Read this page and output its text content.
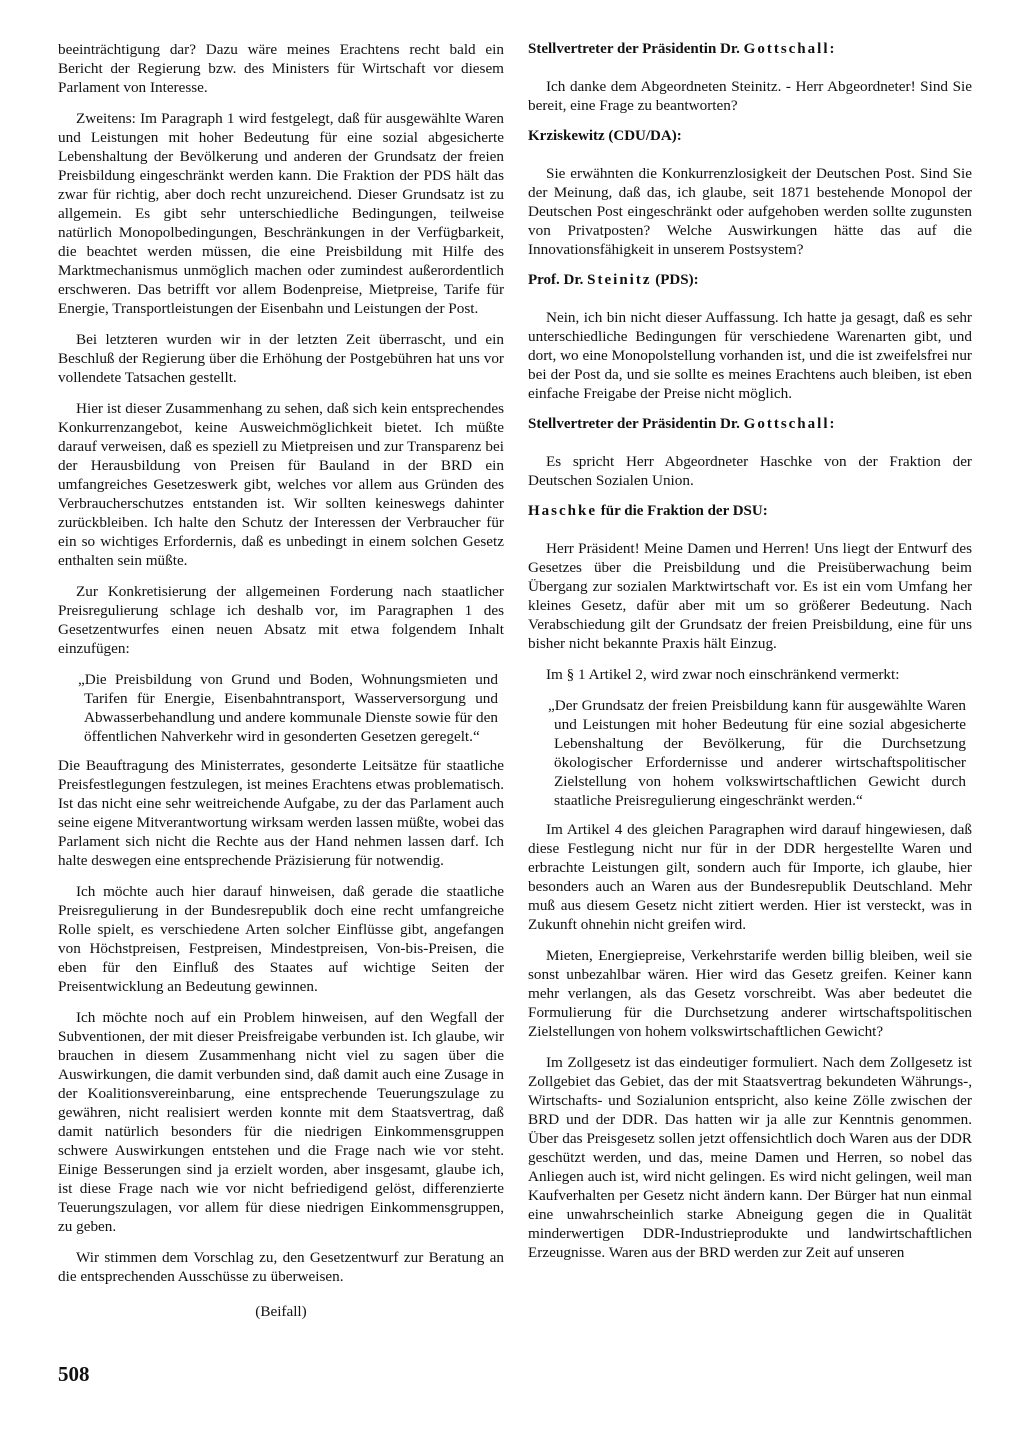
beeinträchtigung dar? Dazu wäre meines Erachtens recht bald ein Bericht der Regierung bzw. des Ministers für Wirtschaft vor diesem Parlament von Interesse.

Zweitens: Im Paragraph 1 wird festgelegt, daß für ausgewählte Waren und Leistungen mit hoher Bedeutung für eine sozial abgesicherte Lebenshaltung der Bevölkerung und anderen der Grundsatz der freien Preisbildung eingeschränkt werden kann. Die Fraktion der PDS hält das zwar für richtig, aber doch recht unzureichend. Dieser Grundsatz ist zu allgemein. Es gibt sehr unterschiedliche Bedingungen, teilweise natürlich Monopolbedingungen, Beschränkungen in der Verfügbarkeit, die beachtet werden müssen, die eine Preisbildung mit Hilfe des Marktmechanismus unmöglich machen oder zumindest außerordentlich erschweren. Das betrifft vor allem Bodenpreise, Mietpreise, Tarife für Energie, Transportleistungen der Eisenbahn und Leistungen der Post.

Bei letzteren wurden wir in der letzten Zeit überrascht, und ein Beschluß der Regierung über die Erhöhung der Postgebühren hat uns vor vollendete Tatsachen gestellt.

Hier ist dieser Zusammenhang zu sehen, daß sich kein entsprechendes Konkurrenzangebot, keine Ausweichmöglichkeit bietet. Ich müßte darauf verweisen, daß es speziell zu Mietpreisen und zur Transparenz bei der Herausbildung von Preisen für Bauland in der BRD ein umfangreiches Gesetzeswerk gibt, welches vor allem aus Gründen des Verbraucherschutzes entstanden ist. Wir sollten keineswegs dahinter zurückbleiben. Ich halte den Schutz der Interessen der Verbraucher für ein so wichtiges Erfordernis, daß es unbedingt in einem solchen Gesetz enthalten sein müßte.

Zur Konkretisierung der allgemeinen Forderung nach staatlicher Preisregulierung schlage ich deshalb vor, im Paragraphen 1 des Gesetzentwurfes einen neuen Absatz mit etwa folgendem Inhalt einzufügen:

„Die Preisbildung von Grund und Boden, Wohnungsmieten und Tarifen für Energie, Eisenbahntransport, Wasserversorgung und Abwasserbehandlung und andere kommunale Dienste sowie für den öffentlichen Nahverkehr wird in gesonderten Gesetzen geregelt.“

Die Beauftragung des Ministerrates, gesonderte Leitsätze für staatliche Preisfestlegungen festzulegen, ist meines Erachtens etwas problematisch. Ist das nicht eine sehr weitreichende Aufgabe, zu der das Parlament auch seine eigene Mitverantwortung wirksam werden lassen müßte, wobei das Parlament sich nicht die Rechte aus der Hand nehmen lassen darf. Ich halte deswegen eine entsprechende Präzisierung für notwendig.

Ich möchte auch hier darauf hinweisen, daß gerade die staatliche Preisregulierung in der Bundesrepublik doch eine recht umfangreiche Rolle spielt, es verschiedene Arten solcher Einflüsse gibt, angefangen von Höchstpreisen, Festpreisen, Mindestpreisen, Von-bis-Preisen, die eben für den Einfluß des Staates auf wichtige Seiten der Preisentwicklung an Bedeutung gewinnen.

Ich möchte noch auf ein Problem hinweisen, auf den Wegfall der Subventionen, der mit dieser Preisfreigabe verbunden ist. Ich glaube, wir brauchen in diesem Zusammenhang nicht viel zu sagen über die Auswirkungen, die damit verbunden sind, daß damit auch eine Zusage in der Koalitionsvereinbarung, eine entsprechende Teuerungszulage zu gewähren, nicht realisiert werden konnte mit dem Staatsvertrag, daß damit natürlich besonders für die niedrigen Einkommensgruppen schwere Auswirkungen entstehen und die Frage nach wie vor steht. Einige Besserungen sind ja erzielt worden, aber insgesamt, glaube ich, ist diese Frage nach wie vor nicht befriedigend gelöst, differenzierte Teuerungszulagen, vor allem für diese niedrigen Einkommensgruppen, zu geben.

Wir stimmen dem Vorschlag zu, den Gesetzentwurf zur Beratung an die entsprechenden Ausschüsse zu überweisen.

(Beifall)

Stellvertreter der Präsidentin Dr. Gottschall:

Ich danke dem Abgeordneten Steinitz. - Herr Abgeordneter! Sind Sie bereit, eine Frage zu beantworten?

Krziskewitz (CDU/DA):

Sie erwähnten die Konkurrenzlosigkeit der Deutschen Post. Sind Sie der Meinung, daß das, ich glaube, seit 1871 bestehende Monopol der Deutschen Post eingeschränkt oder aufgehoben werden sollte zugunsten von Privatposten? Welche Auswirkungen hätte das auf die Innovationsfähigkeit in unserem Postsystem?

Prof. Dr. Steinitz (PDS):

Nein, ich bin nicht dieser Auffassung. Ich hatte ja gesagt, daß es sehr unterschiedliche Bedingungen für verschiedene Warenarten gibt, und dort, wo eine Monopolstellung vorhanden ist, und die ist zweifelsfrei nur bei der Post da, und sie sollte es meines Erachtens auch bleiben, ist eben einfache Freigabe der Preise nicht möglich.

Stellvertreter der Präsidentin Dr. Gottschall:

Es spricht Herr Abgeordneter Haschke von der Fraktion der Deutschen Sozialen Union.

Haschke für die Fraktion der DSU:

Herr Präsident! Meine Damen und Herren! Uns liegt der Entwurf des Gesetzes über die Preisbildung und die Preisüberwachung beim Übergang zur sozialen Marktwirtschaft vor. Es ist ein vom Umfang her kleines Gesetz, dafür aber mit um so größerer Bedeutung. Nach Verabschiedung gilt der Grundsatz der freien Preisbildung, eine für uns bisher nicht bekannte Praxis hält Einzug.

Im § 1 Artikel 2, wird zwar noch einschränkend vermerkt:

„Der Grundsatz der freien Preisbildung kann für ausgewählte Waren und Leistungen mit hoher Bedeutung für eine sozial abgesicherte Lebenshaltung der Bevölkerung, für die Durchsetzung ökologischer Erfordernisse und anderer wirtschaftspolitischer Zielstellung von hohem volkswirtschaftlichen Gewicht durch staatliche Preisregulierung eingeschränkt werden.“

Im Artikel 4 des gleichen Paragraphen wird darauf hingewiesen, daß diese Festlegung nicht nur für in der DDR hergestellte Waren und erbrachte Leistungen gilt, sondern auch für Importe, ich glaube, hier besonders auch an Waren aus der Bundesrepublik Deutschland. Mehr muß aus diesem Gesetz nicht zitiert werden. Hier ist versteckt, was in Zukunft ohnehin nicht greifen wird.

Mieten, Energiepreise, Verkehrstarife werden billig bleiben, weil sie sonst unbezahlbar wären. Hier wird das Gesetz greifen. Keiner kann mehr verlangen, als das Gesetz vorschreibt. Was aber bedeutet die Formulierung für die Durchsetzung anderer wirtschaftspolitischen Zielstellungen von hohem volkswirtschaftlichen Gewicht?

Im Zollgesetz ist das eindeutiger formuliert. Nach dem Zollgesetz ist Zollgebiet das Gebiet, das der mit Staatsvertrag bekundeten Währungs-, Wirtschafts- und Sozialunion entspricht, also keine Zölle zwischen der BRD und der DDR. Das hatten wir ja alle zur Kenntnis genommen. Über das Preisgesetz sollen jetzt offensichtlich doch Waren aus der DDR geschützt werden, und das, meine Damen und Herren, so nobel das Anliegen auch ist, wird nicht gelingen. Es wird nicht gelingen, weil man Kaufverhalten per Gesetz nicht ändern kann. Der Bürger hat nun einmal eine unwahrscheinlich starke Abneigung gegen die in Qualität minderwertigen DDR-Industrieprodukte und landwirtschaftlichen Erzeugnisse. Waren aus der BRD werden zur Zeit auf unseren

508
